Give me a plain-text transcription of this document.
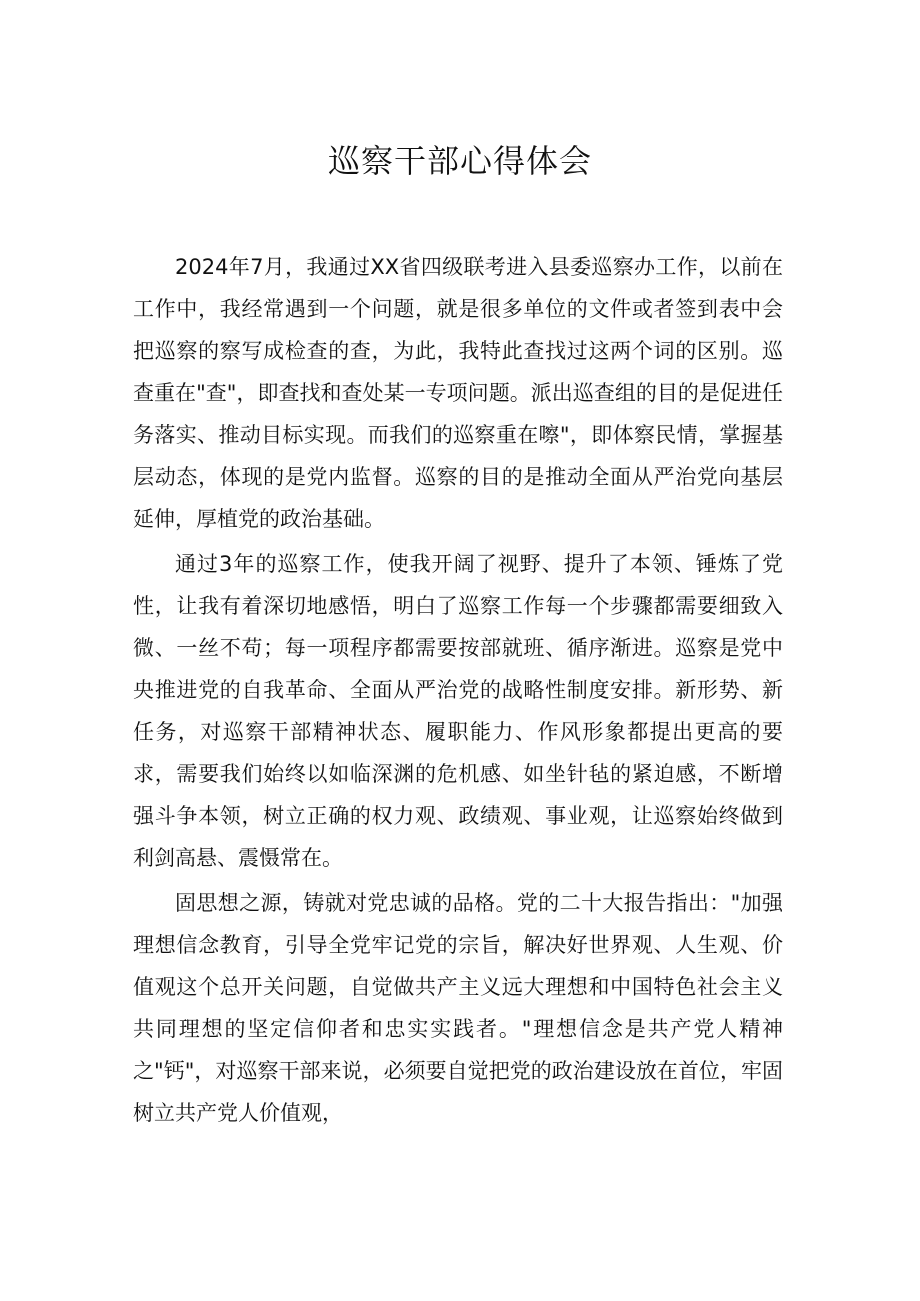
巡察干部心得体会

2024年7月，我通过XX省四级联考进入县委巡察办工作，以前在工作中，我经常遇到一个问题，就是很多单位的文件或者签到表中会把巡察的察写成检查的查，为此，我特此查找过这两个词的区别。巡查重在"查"，即查找和查处某一专项问题。派出巡查组的目的是促进任务落实、推动目标实现。而我们的巡察重在嚓"，即体察民情，掌握基层动态，体现的是党内监督。巡察的目的是推动全面从严治党向基层延伸，厚植党的政治基础。

通过3年的巡察工作，使我开阔了视野、提升了本领、锤炼了党性，让我有着深切地感悟，明白了巡察工作每一个步骤都需要细致入微、一丝不苟；每一项程序都需要按部就班、循序渐进。巡察是党中央推进党的自我革命、全面从严治党的战略性制度安排。新形势、新任务，对巡察干部精神状态、履职能力、作风形象都提出更高的要求，需要我们始终以如临深渊的危机感、如坐针毡的紧迫感，不断增强斗争本领，树立正确的权力观、政绩观、事业观，让巡察始终做到利剑高悬、震慑常在。

固思想之源，铸就对党忠诚的品格。党的二十大报告指出："加强理想信念教育，引导全党牢记党的宗旨，解决好世界观、人生观、价值观这个总开关问题，自觉做共产主义远大理想和中国特色社会主义共同理想的坚定信仰者和忠实实践者。"理想信念是共产党人精神之"钙"，对巡察干部来说，必须要自觉把党的政治建设放在首位，牢固树立共产党人价值观，
